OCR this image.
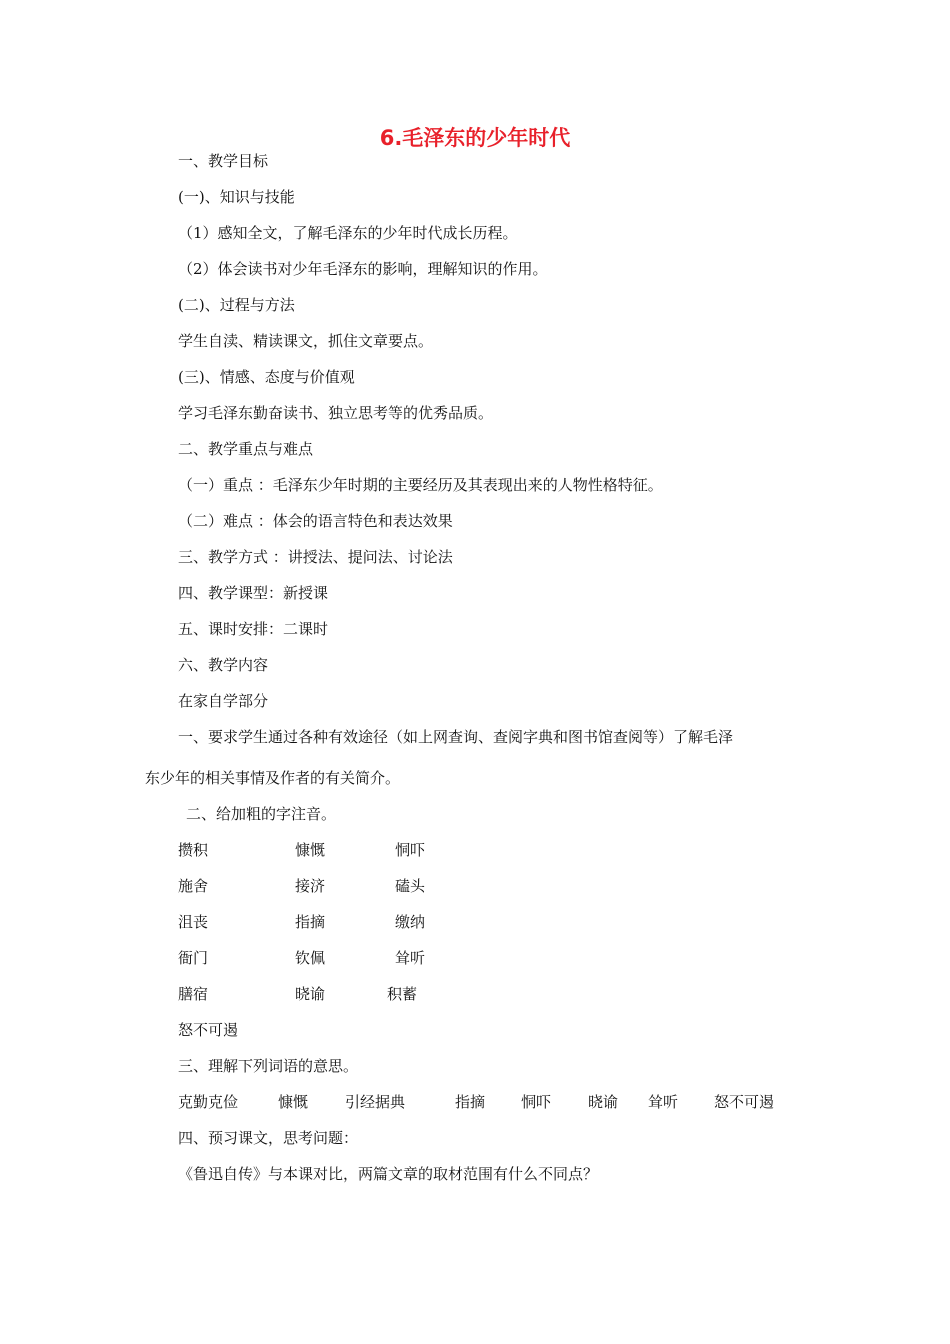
6.毛泽东的少年时代
一、教学目标
(一)、知识与技能
（1）感知全文，了解毛泽东的少年时代成长历程。
（2）体会读书对少年毛泽东的影响，理解知识的作用。
(二)、过程与方法
学生自渎、精读课文，抓住文章要点。
(三)、情感、态度与价值观
学习毛泽东勤奋读书、独立思考等的优秀品质。
二、教学重点与难点
（一）重点 ：毛泽东少年时期的主要经历及其表现出来的人物性格特征。
（二）难点 ：体会的语言特色和表达效果
三、教学方式 ：讲授法、提问法、讨论法
四、教学课型：新授课
五、课时安排：二课时
六、教学内容
在家自学部分
一、要求学生通过各种有效途径（如上网查询、查阅字典和图书馆查阅等）了解毛泽
东少年的相关事情及作者的有关简介。
二、给加粗的字注音。
攒积	慷慨	恫吓
施舍	接济	磕头
沮丧	指摘	缴纳
衙门	钦佩	耸听
膳宿	晓谕	积蓄
怒不可遏
三、理解下列词语的意思。
克勤克俭	慷慨 引经据典	指摘 恫吓 晓谕 耸听 怒不可遏
四、预习课文，思考问题：
《鲁迅自传》与本课对比，两篇文章的取材范围有什么不同点？
